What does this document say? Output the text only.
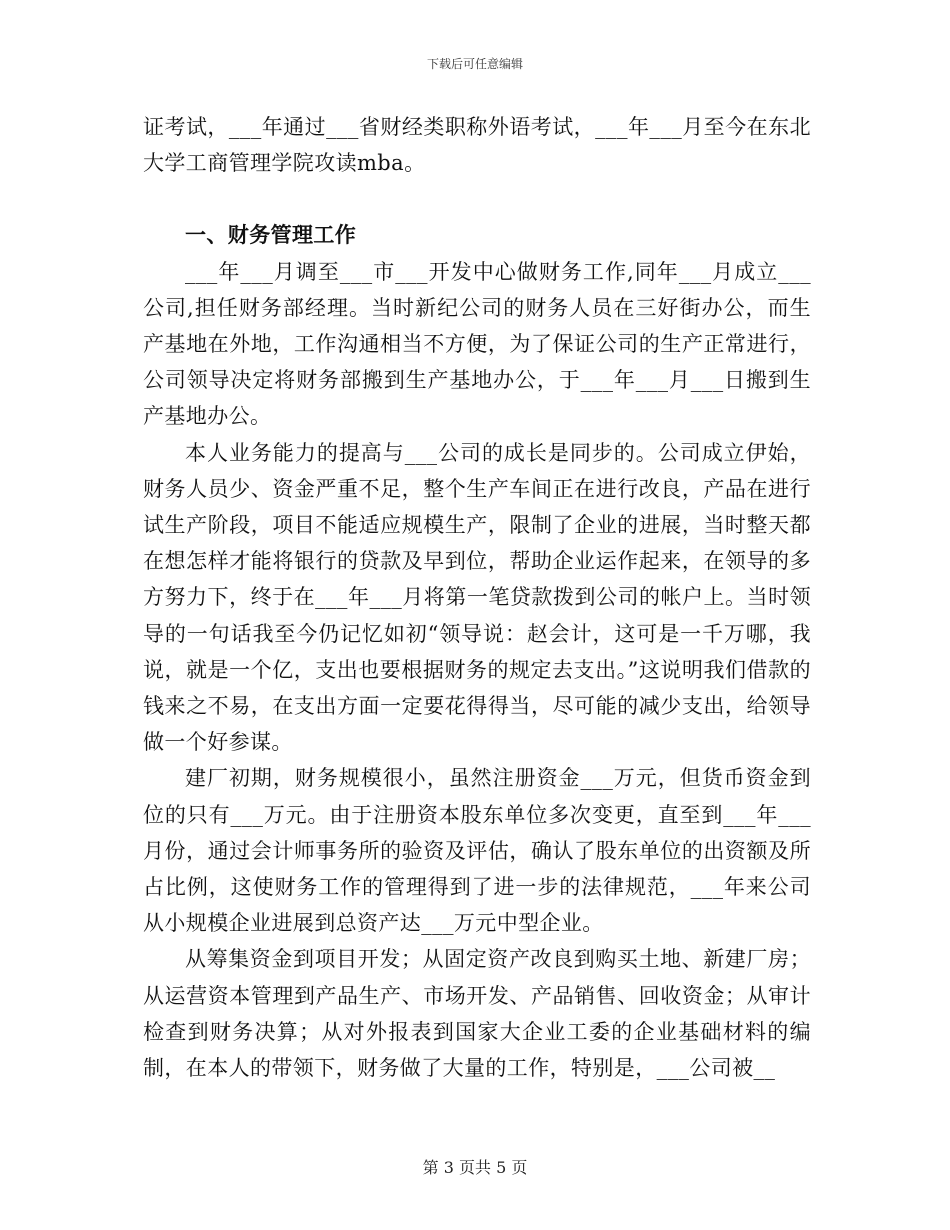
下载后可任意编辑

证考试，___年通过___省财经类职称外语考试，___年___月至今在东北大学工商管理学院攻读mba。

一、财务管理工作

___年___月调至___市___开发中心做财务工作,同年___月成立___公司,担任财务部经理。当时新纪公司的财务人员在三好街办公，而生产基地在外地，工作沟通相当不方便，为了保证公司的生产正常进行，公司领导决定将财务部搬到生产基地办公，于___年___月___日搬到生产基地办公。

本人业务能力的提高与___公司的成长是同步的。公司成立伊始，财务人员少、资金严重不足，整个生产车间正在进行改良，产品在进行试生产阶段，项目不能适应规模生产，限制了企业的进展，当时整天都在想怎样才能将银行的贷款及早到位，帮助企业运作起来，在领导的多方努力下，终于在___年___月将第一笔贷款拨到公司的帐户上。当时领导的一句话我至今仍记忆如初“领导说：赵会计，这可是一千万哪，我说，就是一个亿，支出也要根据财务的规定去支出。”这说明我们借款的钱来之不易，在支出方面一定要花得得当，尽可能的减少支出，给领导做一个好参谋。

建厂初期，财务规模很小，虽然注册资金___万元，但货币资金到位的只有___万元。由于注册资本股东单位多次变更，直至到___年___月份，通过会计师事务所的验资及评估，确认了股东单位的出资额及所占比例，这使财务工作的管理得到了进一步的法律规范，___年来公司从小规模企业进展到总资产达___万元中型企业。

从筹集资金到项目开发；从固定资产改良到购买土地、新建厂房；从运营资本管理到产品生产、市场开发、产品销售、回收资金；从审计检查到财务决算；从对外报表到国家大企业工委的企业基础材料的编制，在本人的带领下，财务做了大量的工作，特别是，___公司被__

第 3 页共 5 页
